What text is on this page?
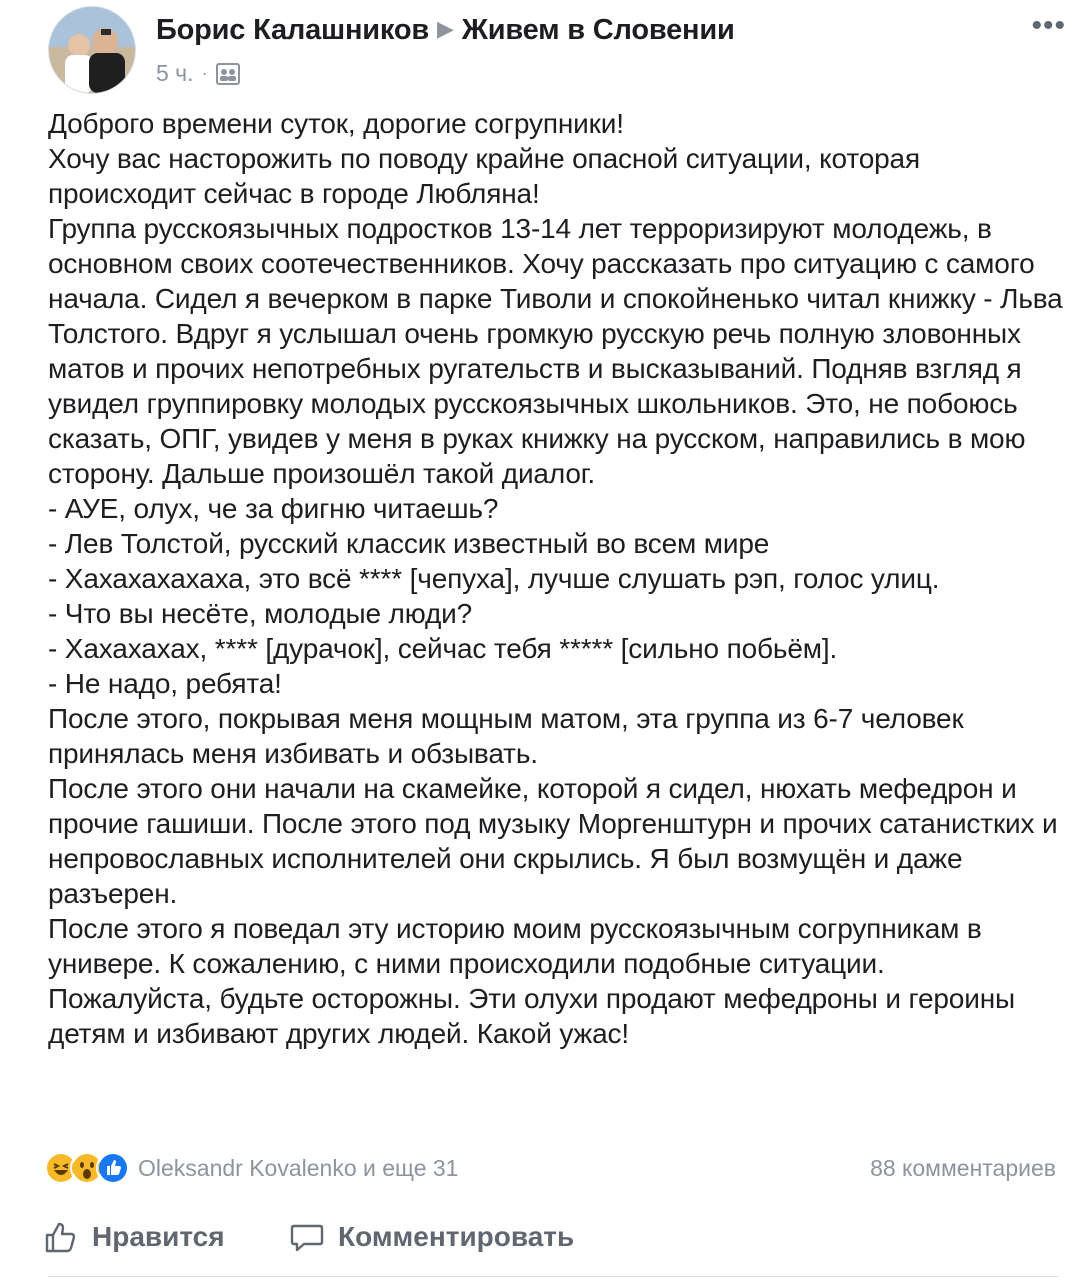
Борис Калашников ▶ Живем в Словении
5 ч. ·
•••
Доброго времени суток, дорогие согрупники!
Хочу вас насторожить по поводу крайне опасной ситуации, которая происходит сейчас в городе Любляна!
Группа русскоязычных подростков 13-14 лет терроризируют молодежь, в основном своих соотечественников. Хочу рассказать про ситуацию с самого начала. Сидел я вечерком в парке Тиволи и спокойненько читал книжку - Льва Толстого. Вдруг я услышал очень громкую русскую речь полную зловонных матов и прочих непотребных ругательств и высказываний. Подняв взгляд я увидел группировку молодых русскоязычных школьников. Это, не побоюсь сказать, ОПГ, увидев у меня в руках книжку на русском, направились в мою сторону. Дальше произошёл такой диалог.
- АУЕ, олух, че за фигню читаешь?
- Лев Толстой, русский классик известный во всем мире
- Хахахахахаха, это всё **** [чепуха], лучше слушать рэп, голос улиц.
- Что вы несёте, молодые люди?
- Хахахахах, **** [дурачок], сейчас тебя ***** [сильно побьём].
- Не надо, ребята!
После этого, покрывая меня мощным матом, эта группа из 6-7 человек принялась меня избивать и обзывать.
После этого они начали на скамейке, которой я сидел, нюхать мефедрон и прочие гашиши. После этого под музыку Моргенштурн и прочих сатанистких и непровославных исполнителей они скрылись. Я был возмущён и даже разъерен.
После этого я поведал эту историю моим русскоязычным согрупникам в универе. К сожалению, с ними происходили подобные ситуации.
Пожалуйста, будьте осторожны. Эти олухи продают мефедроны и героины детям и избивают других людей. Какой ужас!
Oleksandr Kovalenko и еще 31	88 комментариев
Нравится	Комментировать
